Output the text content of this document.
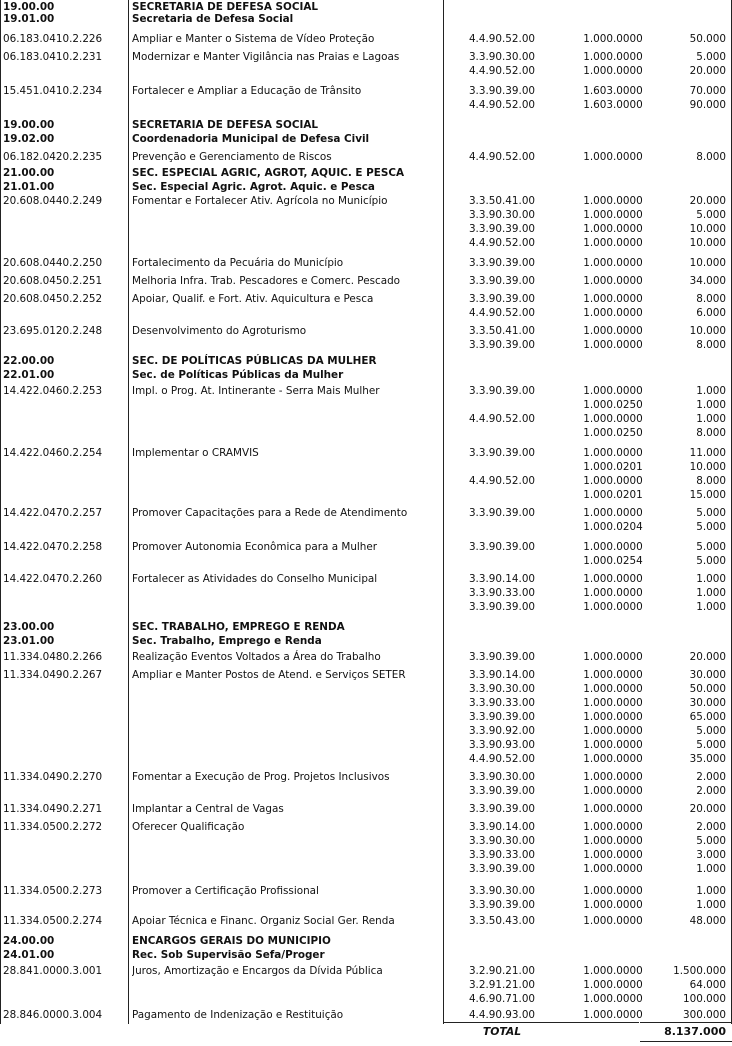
19.00.00	SECRETARIA DE DEFESA SOCIAL
19.01.00	Secretaria de Defesa Social
06.183.0410.2.226	Ampliar e Manter o Sistema de Vídeo Proteção	4.4.90.52.00	1.000.0000	50.000
06.183.0410.2.231	Modernizar e Manter Vigilância nas Praias e Lagoas	3.3.90.30.00	1.000.0000	5.000
4.4.90.52.00	1.000.0000	20.000
15.451.0410.2.234	Fortalecer e Ampliar a Educação de Trânsito	3.3.90.39.00	1.603.0000	70.000
4.4.90.52.00	1.603.0000	90.000
19.00.00	SECRETARIA DE DEFESA SOCIAL
19.02.00	Coordenadoria Municipal de Defesa Civil
06.182.0420.2.235	Prevenção e Gerenciamento de Riscos	4.4.90.52.00	1.000.0000	8.000
21.00.00	SEC. ESPECIAL AGRIC, AGROT, AQUIC. E PESCA
21.01.00	Sec. Especial Agric. Agrot. Aquic. e Pesca
20.608.0440.2.249	Fomentar e Fortalecer Ativ. Agrícola no Município	3.3.50.41.00	1.000.0000	20.000
3.3.90.30.00	1.000.0000	5.000
3.3.90.39.00	1.000.0000	10.000
4.4.90.52.00	1.000.0000	10.000
20.608.0440.2.250	Fortalecimento da Pecuária do Município	3.3.90.39.00	1.000.0000	10.000
20.608.0450.2.251	Melhoria Infra. Trab. Pescadores e Comerc. Pescado	3.3.90.39.00	1.000.0000	34.000
20.608.0450.2.252	Apoiar, Qualif. e Fort. Ativ. Aquicultura e Pesca	3.3.90.39.00	1.000.0000	8.000
4.4.90.52.00	1.000.0000	6.000
23.695.0120.2.248	Desenvolvimento do Agroturismo	3.3.50.41.00	1.000.0000	10.000
3.3.90.39.00	1.000.0000	8.000
22.00.00	SEC. DE POLÍTICAS PÚBLICAS DA MULHER
22.01.00	Sec. de Políticas Públicas da Mulher
14.422.0460.2.253	Impl. o Prog. At. Intinerante - Serra Mais Mulher	3.3.90.39.00	1.000.0000	1.000
1.000.0250	1.000
4.4.90.52.00	1.000.0000	1.000
1.000.0250	8.000
14.422.0460.2.254	Implementar o CRAMVIS	3.3.90.39.00	1.000.0000	11.000
1.000.0201	10.000
4.4.90.52.00	1.000.0000	8.000
1.000.0201	15.000
14.422.0470.2.257	Promover Capacitações para a Rede de Atendimento	3.3.90.39.00	1.000.0000	5.000
1.000.0204	5.000
14.422.0470.2.258	Promover Autonomia Econômica para a Mulher	3.3.90.39.00	1.000.0000	5.000
1.000.0254	5.000
14.422.0470.2.260	Fortalecer as Atividades do Conselho Municipal	3.3.90.14.00	1.000.0000	1.000
3.3.90.33.00	1.000.0000	1.000
3.3.90.39.00	1.000.0000	1.000
23.00.00	SEC. TRABALHO, EMPREGO E RENDA
23.01.00	Sec. Trabalho, Emprego e Renda
11.334.0480.2.266	Realização Eventos Voltados a Área do Trabalho	3.3.90.39.00	1.000.0000	20.000
11.334.0490.2.267	Ampliar e Manter Postos de Atend. e Serviços SETER	3.3.90.14.00	1.000.0000	30.000
3.3.90.30.00	1.000.0000	50.000
3.3.90.33.00	1.000.0000	30.000
3.3.90.39.00	1.000.0000	65.000
3.3.90.92.00	1.000.0000	5.000
3.3.90.93.00	1.000.0000	5.000
4.4.90.52.00	1.000.0000	35.000
11.334.0490.2.270	Fomentar a Execução de Prog. Projetos Inclusivos	3.3.90.30.00	1.000.0000	2.000
3.3.90.39.00	1.000.0000	2.000
11.334.0490.2.271	Implantar a Central de Vagas	3.3.90.39.00	1.000.0000	20.000
11.334.0500.2.272	Oferecer Qualificação	3.3.90.14.00	1.000.0000	2.000
3.3.90.30.00	1.000.0000	5.000
3.3.90.33.00	1.000.0000	3.000
3.3.90.39.00	1.000.0000	1.000
11.334.0500.2.273	Promover a Certificação Profissional	3.3.90.30.00	1.000.0000	1.000
3.3.90.39.00	1.000.0000	1.000
11.334.0500.2.274	Apoiar Técnica e Financ. Organiz Social Ger. Renda	3.3.50.43.00	1.000.0000	48.000
24.00.00	ENCARGOS GERAIS DO MUNICIPIO
24.01.00	Rec. Sob Supervisão Sefa/Proger
28.841.0000.3.001	Juros, Amortização e Encargos da Dívida Pública	3.2.90.21.00	1.000.0000	1.500.000
3.2.91.21.00	1.000.0000	64.000
4.6.90.71.00	1.000.0000	100.000
28.846.0000.3.004	Pagamento de Indenização e Restituição	4.4.90.93.00	1.000.0000	300.000
TOTAL	8.137.000
